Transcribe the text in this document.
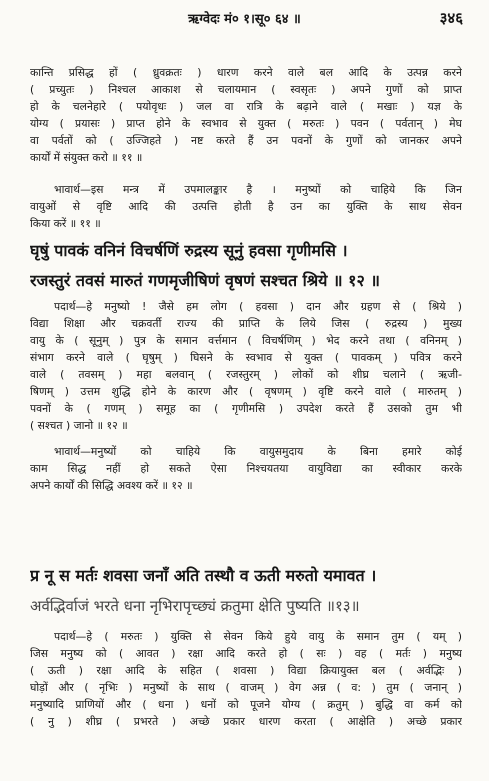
ऋग्वेदः मं० १।सू० ६४ ॥	३४६
कान्ति प्रसिद्ध हों ( ध्रुवक्रतः ) धारण करने वाले बल आदि के उत्पन्न करने
( प्रच्युतः ) निश्चल आकाश से चलायमान ( स्वसृतः ) अपने गुणों को प्राप्त
हो के चलनेहारे ( पयोवृधः ) जल वा रात्रि के बढ़ाने वाले ( मखाः ) यज्ञ के
योग्य ( प्रयासः ) प्राप्त होने के स्वभाव से युक्त ( मरुतः ) पवन ( पर्वतान् ) मेघ
वा पर्वतों को ( उज्जिहते ) नष्ट करते हैं उन पवनों के गुणों को जानकर अपने
कार्यों में संयुक्त करो ॥ ११ ॥
भावार्थ—इस मन्त्र में उपमालङ्कार है । मनुष्यों को चाहिये कि जिन
वायुओं से वृष्टि आदि की उत्पत्ति होती है उन का युक्ति के साथ सेवन
किया करें ॥ ११ ॥
घृषुं पावकं वनिनं विचर्षणिं रुद्रस्य सूनुं हवसा गृणीमसि ।
रजस्तुरं तवसं मारुतं गणमृजीषिणं वृषणं सश्चत श्रिये ॥ १२ ॥
पदार्थ—हे मनुष्यो ! जैसे हम लोग ( हवसा ) दान और ग्रहण से ( श्रिये )
विद्या शिक्षा और चक्रवर्ती राज्य की प्राप्ति के लिये जिस ( रुद्रस्य ) मुख्य
वायु के ( सूनुम् ) पुत्र के समान वर्त्तमान ( विचर्षणिम् ) भेद करने तथा ( वनिनम् )
संभाग करने वाले ( घृषुम् ) घिसने के स्वभाव से युक्त ( पावकम् ) पवित्र करने
वाले ( तवसम् ) महा बलवान् ( रजस्तुरम् ) लोकों को शीघ्र चलाने ( ऋजी-
षिणम् ) उत्तम शुद्धि होने के कारण और ( वृषणम् ) वृष्टि करने वाले ( मारुतम् )
पवनों के ( गणम् ) समूह का ( गृणीमसि ) उपदेश करते हैं उसको तुम भी
( सश्चत ) जानो ॥ १२ ॥
भावार्थ—मनुष्यों को चाहिये कि वायुसमुदाय के बिना हमारे कोई
काम सिद्ध नहीं हो सकते ऐसा निश्चयतया वायुविद्या का स्वीकार करके
अपने कार्यों की सिद्धि अवश्य करें ॥ १२ ॥
प्र नू स मर्तः शवसा जनाँ अति तस्थौ व ऊती मरुतो यमावत ।
अर्वद्भिर्वाजं भरते धना नृभिरापृच्छ्यं क्रतुमा क्षेति पुष्यति ॥१३॥
पदार्थ—हे ( मरुतः ) युक्ति से सेवन किये हुये वायु के समान तुम ( यम् )
जिस मनुष्य को ( आवत ) रक्षा आदि करते हो ( सः ) वह ( मर्तः ) मनुष्य
( ऊती ) रक्षा आदि के सहित ( शवसा ) विद्या क्रियायुक्त बल ( अर्वद्भिः )
घोड़ों और ( नृभिः ) मनुष्यों के साथ ( वाजम् ) वेग अन्न ( व: ) तुम ( जनान् )
मनुष्यादि प्राणियों और ( धना ) धनों को पूजने योग्य ( क्रतुम् ) बुद्धि वा कर्म को
( नु ) शीघ्र ( प्रभरते ) अच्छे प्रकार धारण करता ( आक्षेति ) अच्छे प्रकार
